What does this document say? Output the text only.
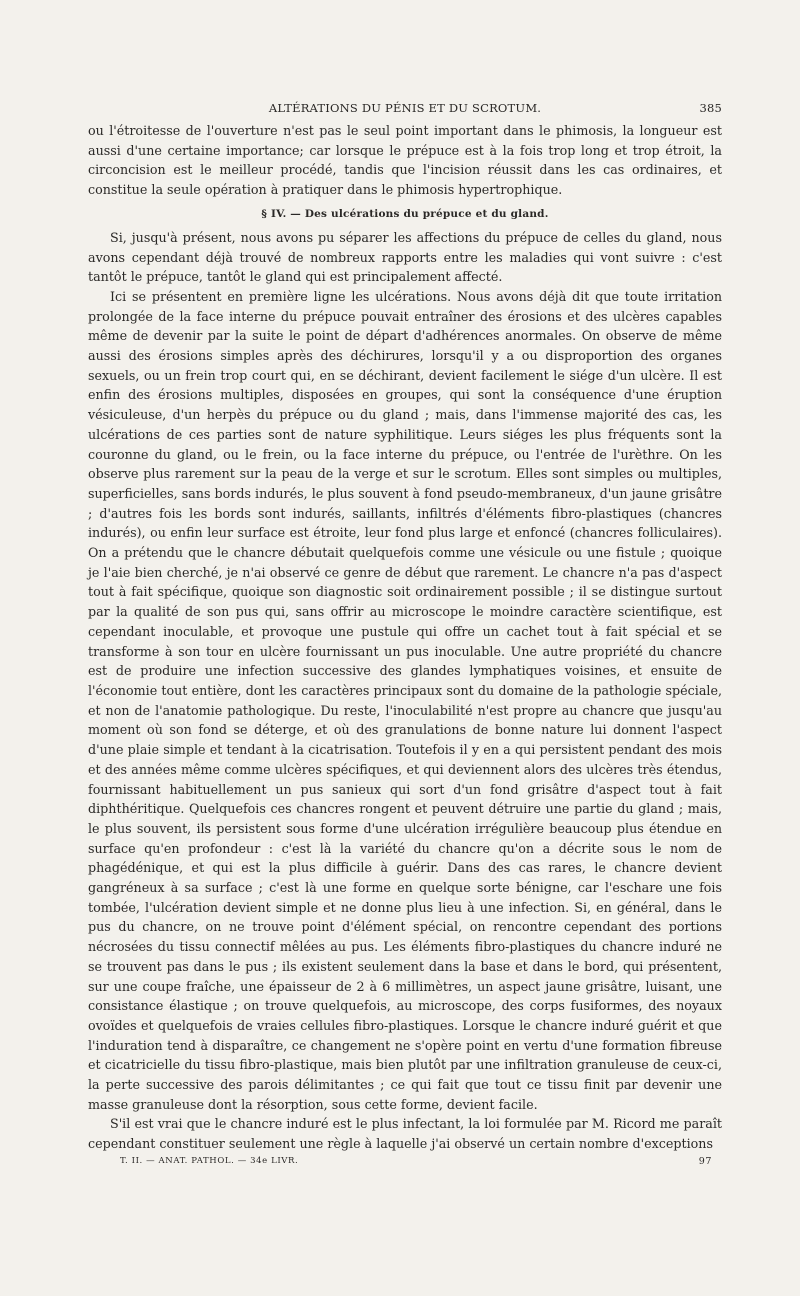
ALTÉRATIONS DU PÉNIS ET DU SCROTUM.	385

ou l'étroitesse de l'ouverture n'est pas le seul point important dans le phimosis, la longueur est aussi d'une certaine importance; car lorsque le prépuce est à la fois trop long et trop étroit, la circoncision est le meilleur procédé, tandis que l'incision réussit dans les cas ordinaires, et constitue la seule opération à pratiquer dans le phimosis hypertrophique.

§ IV. — Des ulcérations du prépuce et du gland.

Si, jusqu'à présent, nous avons pu séparer les affections du prépuce de celles du gland, nous avons cependant déjà trouvé de nombreux rapports entre les maladies qui vont suivre : c'est tantôt le prépuce, tantôt le gland qui est principalement affecté.

Ici se présentent en première ligne les ulcérations. Nous avons déjà dit que toute irritation prolongée de la face interne du prépuce pouvait entraîner des érosions et des ulcères capables même de devenir par la suite le point de départ d'adhérences anormales. On observe de même aussi des érosions simples après des déchirures, lorsqu'il y a ou disproportion des organes sexuels, ou un frein trop court qui, en se déchirant, devient facilement le siége d'un ulcère. Il est enfin des érosions multiples, disposées en groupes, qui sont la conséquence d'une éruption vésiculeuse, d'un herpès du prépuce ou du gland ; mais, dans l'immense majorité des cas, les ulcérations de ces parties sont de nature syphilitique. Leurs siéges les plus fréquents sont la couronne du gland, ou le frein, ou la face interne du prépuce, ou l'entrée de l'urèthre. On les observe plus rarement sur la peau de la verge et sur le scrotum. Elles sont simples ou multiples, superficielles, sans bords indurés, le plus souvent à fond pseudo-membraneux, d'un jaune grisâtre ; d'autres fois les bords sont indurés, saillants, infiltrés d'éléments fibro-plastiques (chancres indurés), ou enfin leur surface est étroite, leur fond plus large et enfoncé (chancres folliculaires). On a prétendu que le chancre débutait quelquefois comme une vésicule ou une fistule ; quoique je l'aie bien cherché, je n'ai observé ce genre de début que rarement. Le chancre n'a pas d'aspect tout à fait spécifique, quoique son diagnostic soit ordinairement possible ; il se distingue surtout par la qualité de son pus qui, sans offrir au microscope le moindre caractère scientifique, est cependant inoculable, et provoque une pustule qui offre un cachet tout à fait spécial et se transforme à son tour en ulcère fournissant un pus inoculable. Une autre propriété du chancre est de produire une infection successive des glandes lymphatiques voisines, et ensuite de l'économie tout entière, dont les caractères principaux sont du domaine de la pathologie spéciale, et non de l'anatomie pathologique. Du reste, l'inoculabilité n'est propre au chancre que jusqu'au moment où son fond se déterge, et où des granulations de bonne nature lui donnent l'aspect d'une plaie simple et tendant à la cicatrisation. Toutefois il y en a qui persistent pendant des mois et des années même comme ulcères spécifiques, et qui deviennent alors des ulcères très étendus, fournissant habituellement un pus sanieux qui sort d'un fond grisâtre d'aspect tout à fait diphthéritique. Quelquefois ces chancres rongent et peuvent détruire une partie du gland ; mais, le plus souvent, ils persistent sous forme d'une ulcération irrégulière beaucoup plus étendue en surface qu'en profondeur : c'est là la variété du chancre qu'on a décrite sous le nom de phagédénique, et qui est la plus difficile à guérir. Dans des cas rares, le chancre devient gangréneux à sa surface ; c'est là une forme en quelque sorte bénigne, car l'eschare une fois tombée, l'ulcération devient simple et ne donne plus lieu à une infection. Si, en général, dans le pus du chancre, on ne trouve point d'élément spécial, on rencontre cependant des portions nécrosées du tissu connectif mêlées au pus. Les éléments fibro-plastiques du chancre induré ne se trouvent pas dans le pus ; ils existent seulement dans la base et dans le bord, qui présentent, sur une coupe fraîche, une épaisseur de 2 à 6 millimètres, un aspect jaune grisâtre, luisant, une consistance élastique ; on trouve quelquefois, au microscope, des corps fusiformes, des noyaux ovoïdes et quelquefois de vraies cellules fibro-plastiques. Lorsque le chancre induré guérit et que l'induration tend à disparaître, ce changement ne s'opère point en vertu d'une formation fibreuse et cicatricielle du tissu fibro-plastique, mais bien plutôt par une infiltration granuleuse de ceux-ci, la perte successive des parois délimitantes ; ce qui fait que tout ce tissu finit par devenir une masse granuleuse dont la résorption, sous cette forme, devient facile.

S'il est vrai que le chancre induré est le plus infectant, la loi formulée par M. Ricord me paraît cependant constituer seulement une règle à laquelle j'ai observé un certain nombre d'exceptions

T. II. — ANAT. PATHOL. — 34e LIVR.	97
